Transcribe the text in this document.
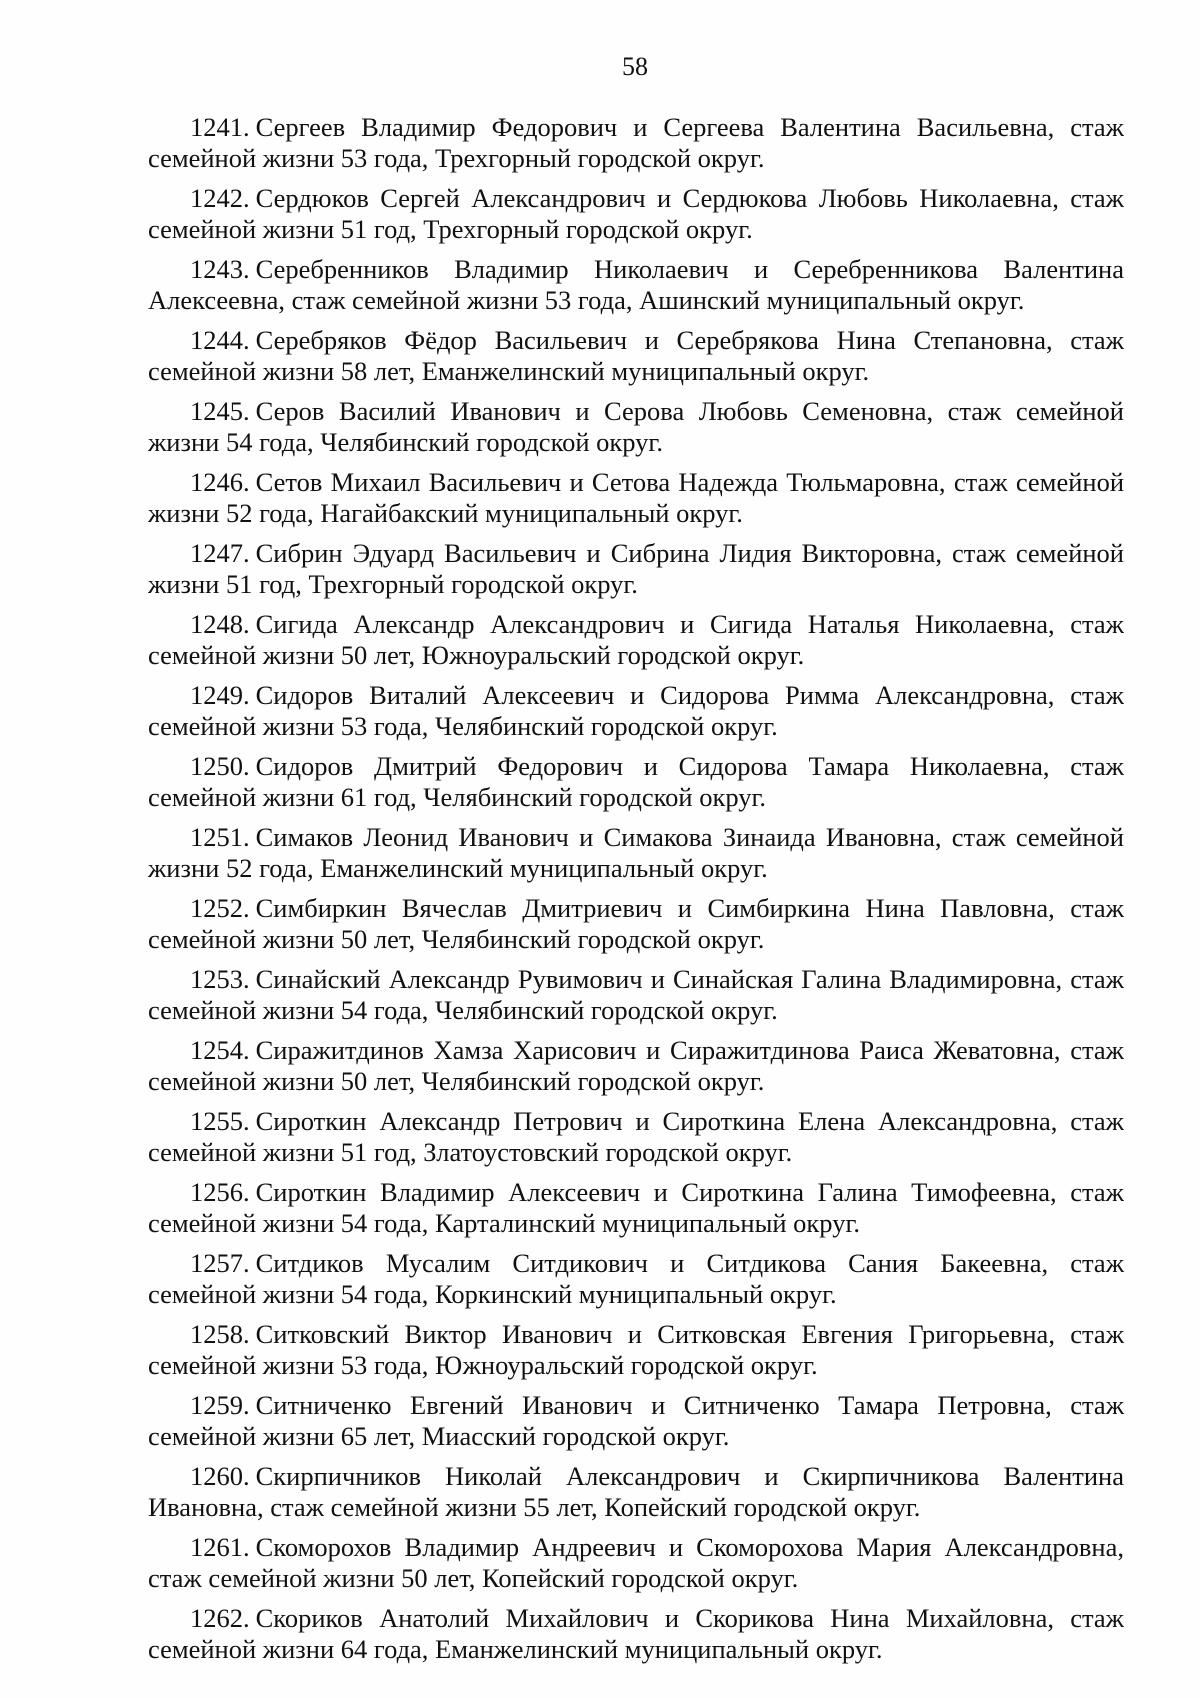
58
1241. Сергеев Владимир Федорович и Сергеева Валентина Васильевна, стаж семейной жизни 53 года, Трехгорный городской округ.
1242. Сердюков Сергей Александрович и Сердюкова Любовь Николаевна, стаж семейной жизни 51 год, Трехгорный городской округ.
1243. Серебренников Владимир Николаевич и Серебренникова Валентина Алексеевна, стаж семейной жизни 53 года, Ашинский муниципальный округ.
1244. Серебряков Фёдор Васильевич и Серебрякова Нина Степановна, стаж семейной жизни 58 лет, Еманжелинский муниципальный округ.
1245. Серов Василий Иванович и Серова Любовь Семеновна, стаж семейной жизни 54 года, Челябинский городской округ.
1246. Сетов Михаил Васильевич и Сетова Надежда Тюльмаровна, стаж семейной жизни 52 года, Нагайбакский муниципальный округ.
1247. Сибрин Эдуард Васильевич и Сибрина Лидия Викторовна, стаж семейной жизни 51 год, Трехгорный городской округ.
1248. Сигида Александр Александрович и Сигида Наталья Николаевна, стаж семейной жизни 50 лет, Южноуральский городской округ.
1249. Сидоров Виталий Алексеевич и Сидорова Римма Александровна, стаж семейной жизни 53 года, Челябинский городской округ.
1250. Сидоров Дмитрий Федорович и Сидорова Тамара Николаевна, стаж семейной жизни 61 год, Челябинский городской округ.
1251. Симаков Леонид Иванович и Симакова Зинаида Ивановна, стаж семейной жизни 52 года, Еманжелинский муниципальный округ.
1252. Симбиркин Вячеслав Дмитриевич и Симбиркина Нина Павловна, стаж семейной жизни 50 лет, Челябинский городской округ.
1253. Синайский Александр Рувимович и Синайская Галина Владимировна, стаж семейной жизни 54 года, Челябинский городской округ.
1254. Сиражитдинов Хамза Харисович и Сиражитдинова Раиса Жеватовна, стаж семейной жизни 50 лет, Челябинский городской округ.
1255. Сироткин Александр Петрович и Сироткина Елена Александровна, стаж семейной жизни 51 год, Златоустовский городской округ.
1256. Сироткин Владимир Алексеевич и Сироткина Галина Тимофеевна, стаж семейной жизни 54 года, Карталинский муниципальный округ.
1257. Ситдиков Мусалим Ситдикович и Ситдикова Сания Бакеевна, стаж семейной жизни 54 года, Коркинский муниципальный округ.
1258. Ситковский Виктор Иванович и Ситковская Евгения Григорьевна, стаж семейной жизни 53 года, Южноуральский городской округ.
1259. Ситниченко Евгений Иванович и Ситниченко Тамара Петровна, стаж семейной жизни 65 лет, Миасский городской округ.
1260. Скирпичников Николай Александрович и Скирпичникова Валентина Ивановна, стаж семейной жизни 55 лет, Копейский городской округ.
1261. Скоморохов Владимир Андреевич и Скоморохова Мария Александровна, стаж семейной жизни 50 лет, Копейский городской округ.
1262. Скориков Анатолий Михайлович и Скорикова Нина Михайловна, стаж семейной жизни 64 года, Еманжелинский муниципальный округ.
